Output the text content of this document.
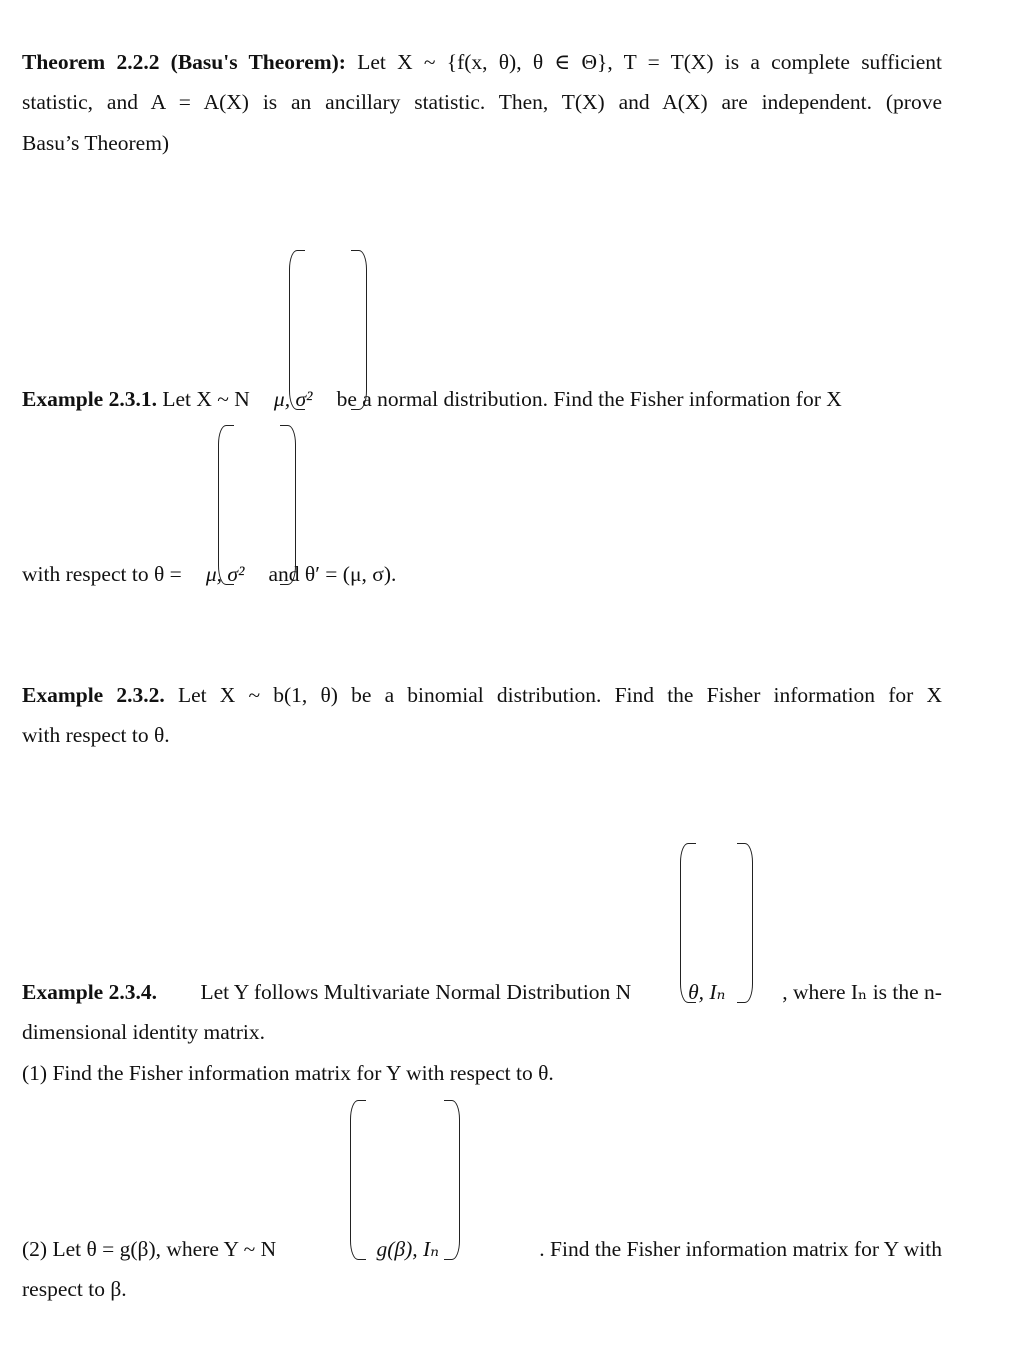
Theorem 2.2.2 (Basu's Theorem): Let X ~ {f(x, θ), θ ∈ Θ}, T = T(X) is a complete sufficient
statistic, and A = A(X) is an ancillary statistic. Then, T(X) and A(X) are independent. (prove
Basu’s Theorem)
Example 2.3.1. Let X ~ N μ, σ² be a normal distribution. Find the Fisher information for X
with respect to θ = μ, σ² and θ′ = (μ, σ).
Example 2.3.2. Let X ~ b(1, θ) be a binomial distribution. Find the Fisher information for X
with respect to θ.
Example 2.3.4. Let Y follows Multivariate Normal Distribution N	θ, Iₙ	, where Iₙ is the n-
dimensional identity matrix.
(1) Find the Fisher information matrix for Y with respect to θ.
(2) Let θ = g(β), where Y ~ N	g(β), Iₙ	. Find the Fisher information matrix for Y with
respect to β.
